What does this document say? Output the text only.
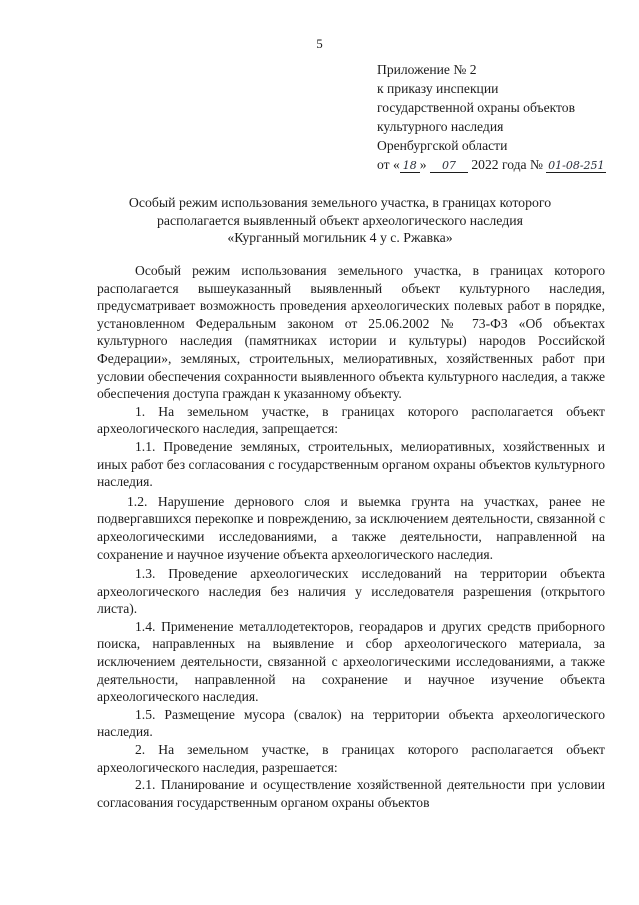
5
Приложение № 2
к приказу инспекции
государственной охраны объектов
культурного наследия
Оренбургской области
от « 18 » 07 2022 года № 01-08-251
Особый режим использования земельного участка, в границах которого
располагается выявленный объект археологического наследия
«Курганный могильник 4 у с. Ржавка»

Особый режим использования земельного участка, в границах которого располагается вышеуказанный выявленный объект культурного наследия, предусматривает возможность проведения археологических полевых работ в порядке, установленном Федеральным законом от 25.06.2002 № 73-ФЗ «Об объектах культурного наследия (памятниках истории и культуры) народов Российской Федерации», земляных, строительных, мелиоративных, хозяйственных работ при условии обеспечения сохранности выявленного объекта культурного наследия, а также обеспечения доступа граждан к указанному объекту.

1. На земельном участке, в границах которого располагается объект археологического наследия, запрещается:

1.1. Проведение земляных, строительных, мелиоративных, хозяйственных и иных работ без согласования с государственным органом охраны объектов культурного наследия.

1.2. Нарушение дернового слоя и выемка грунта на участках, ранее не подвергавшихся перекопке и повреждению, за исключением деятельности, связанной с археологическими исследованиями, а также деятельности, направленной на сохранение и научное изучение объекта археологического наследия.

1.3. Проведение археологических исследований на территории объекта археологического наследия без наличия у исследователя разрешения (открытого листа).

1.4. Применение металлодетекторов, георадаров и других средств приборного поиска, направленных на выявление и сбор археологического материала, за исключением деятельности, связанной с археологическими исследованиями, а также деятельности, направленной на сохранение и научное изучение объекта археологического наследия.

1.5. Размещение мусора (свалок) на территории объекта археологического наследия.

2. На земельном участке, в границах которого располагается объект археологического наследия, разрешается:

2.1. Планирование и осуществление хозяйственной деятельности при условии согласования государственным органом охраны объектов
